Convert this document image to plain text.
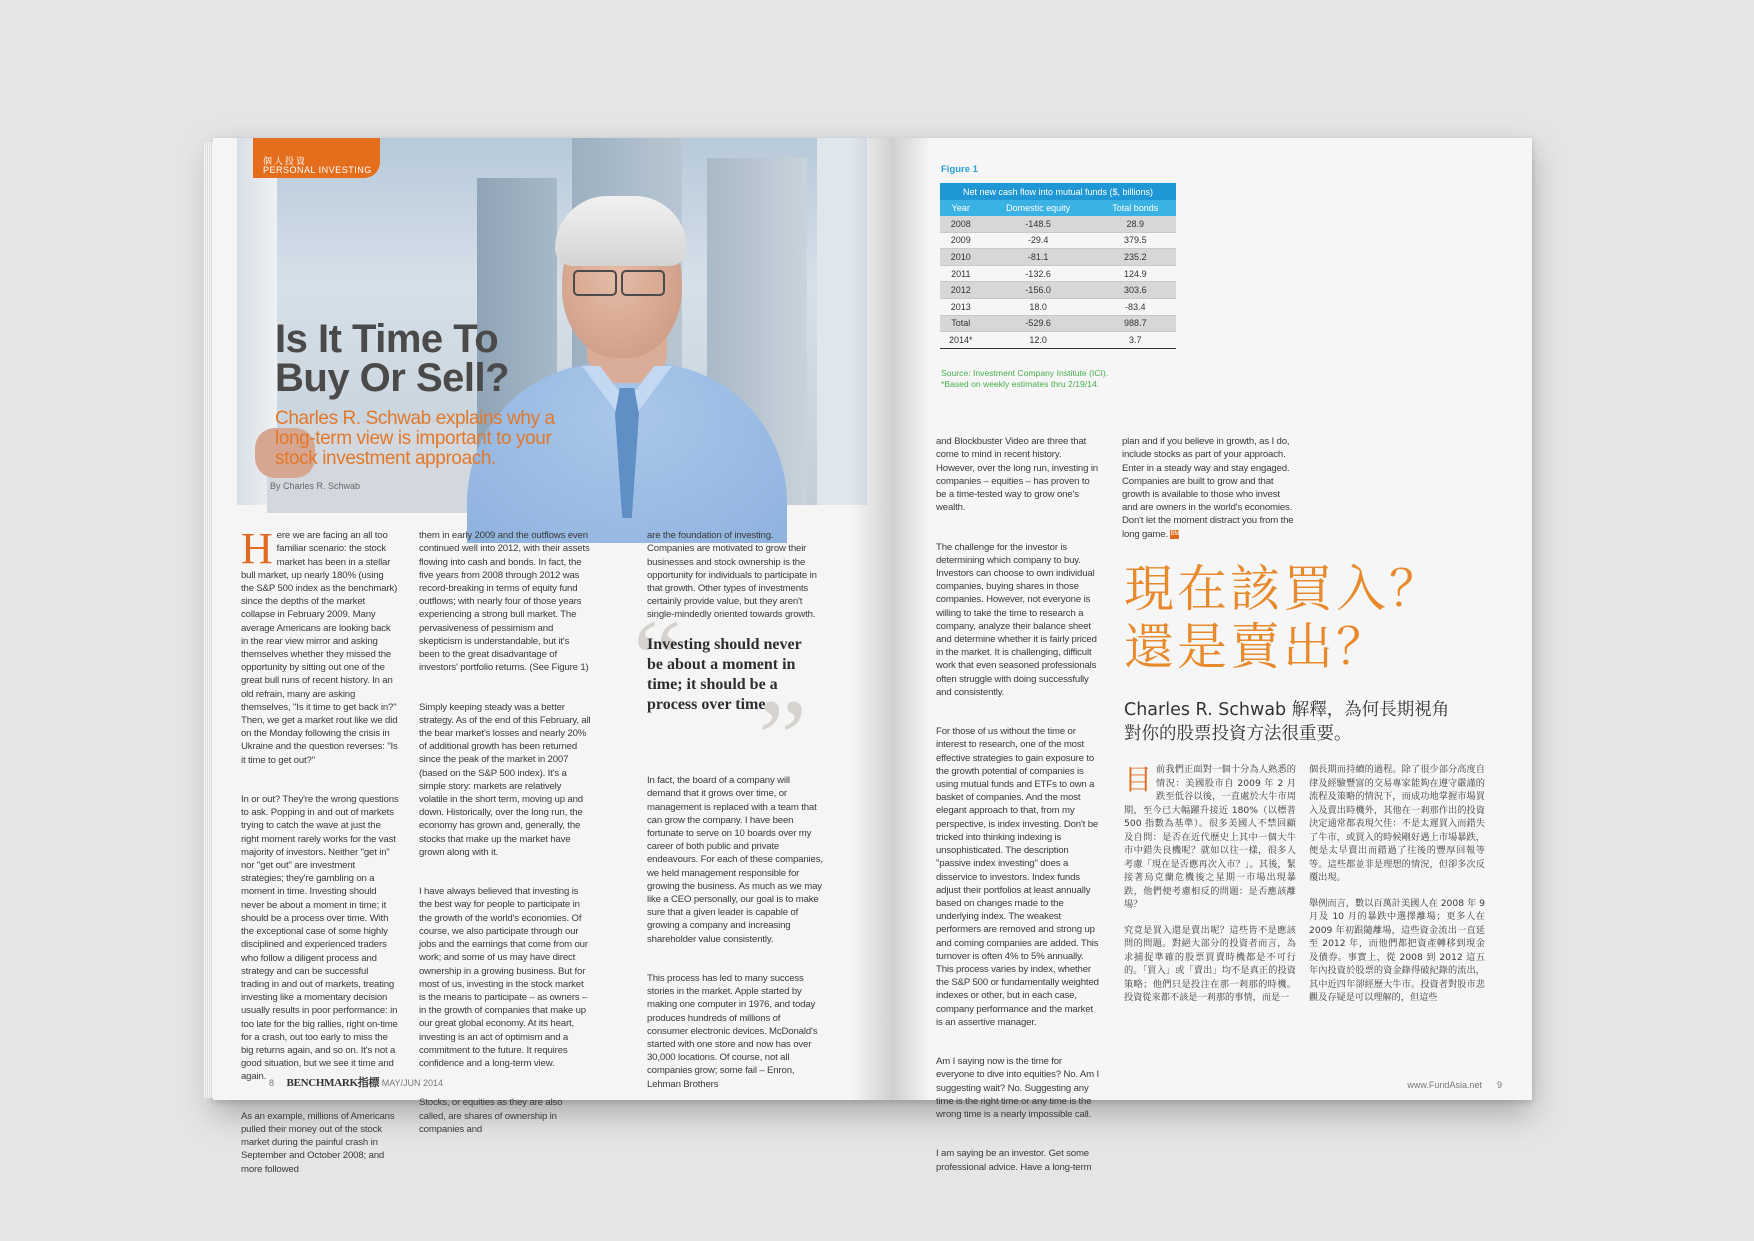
個人投資
PERSONAL INVESTING
Is It Time To
Buy Or Sell?
Charles R. Schwab explains why a long-term view is important to your stock investment approach.
By Charles R. Schwab

Here we are facing an all too familiar scenario: the stock market has been in a stellar bull market, up nearly 180% (using the S&P 500 index as the benchmark) since the depths of the market collapse in February 2009. Many average Americans are looking back in the rear view mirror and asking themselves whether they missed the opportunity by sitting out one of the great bull runs of recent history. In an old refrain, many are asking themselves, "Is it time to get back in?" Then, we get a market rout like we did on the Monday following the crisis in Ukraine and the question reverses: "Is it time to get out?"

In or out? They're the wrong questions to ask. Popping in and out of markets trying to catch the wave at just the right moment rarely works for the vast majority of investors. Neither "get in" nor "get out" are investment strategies; they're gambling on a moment in time. Investing should never be about a moment in time; it should be a process over time. With the exceptional case of some highly disciplined and experienced traders who follow a diligent process and strategy and can be successful trading in and out of markets, treating investing like a momentary decision usually results in poor performance: in too late for the big rallies, right on-time for a crash, out too early to miss the big returns again, and so on. It's not a good situation, but we see it time and again.

As an example, millions of Americans pulled their money out of the stock market during the painful crash in September and October 2008; and more followed

them in early 2009 and the outflows even continued well into 2012, with their assets flowing into cash and bonds. In fact, the five years from 2008 through 2012 was record-breaking in terms of equity fund outflows; with nearly four of those years experiencing a strong bull market. The pervasiveness of pessimism and skepticism is understandable, but it's been to the great disadvantage of investors' portfolio returns. (See Figure 1)

Simply keeping steady was a better strategy. As of the end of this February, all the bear market's losses and nearly 20% of additional growth has been returned since the peak of the market in 2007 (based on the S&P 500 index). It's a simple story: markets are relatively volatile in the short term, moving up and down. Historically, over the long run, the economy has grown and, generally, the stocks that make up the market have grown along with it.

I have always believed that investing is the best way for people to participate in the growth of the world's economies. Of course, we also participate through our jobs and the earnings that come from our work; and some of us may have direct ownership in a growing business. But for most of us, investing in the stock market is the means to participate – as owners – in the growth of companies that make up our great global economy. At its heart, investing is an act of optimism and a commitment to the future. It requires confidence and a long-term view.

Stocks, or equities as they are also called, are shares of ownership in companies and

are the foundation of investing. Companies are motivated to grow their businesses and stock ownership is the opportunity for individuals to participate in that growth. Other types of investments certainly provide value, but they aren't single-mindedly oriented towards growth.

“
Investing should never be about a moment in time; it should be a process over time.
”

In fact, the board of a company will demand that it grows over time, or management is replaced with a team that can grow the company. I have been fortunate to serve on 10 boards over my career of both public and private endeavours. For each of these companies, we held management responsible for growing the business. As much as we may like a CEO personally, our goal is to make sure that a given leader is capable of growing a company and increasing shareholder value consistently.

This process has led to many success stories in the market. Apple started by making one computer in 1976, and today produces hundreds of millions of consumer electronic devices. McDonald's started with one store and now has over 30,000 locations. Of course, not all companies grow; some fail – Enron, Lehman Brothers

8 BENCHMARK指標 MAY/JUN 2014
Figure 1
Net new cash flow into mutual funds ($, billions)		
Year	Domestic equity	Total bonds
2008	-148.5	28.9
2009	-29.4	379.5
2010	-81.1	235.2
2011	-132.6	124.9
2012	-156.0	303.6
2013	18.0	-83.4
Total	-529.6	988.7
2014*	12.0	3.7
Source: Investment Company Institute (ICI).
*Based on weekly estimates thru 2/19/14.

and Blockbuster Video are three that come to mind in recent history. However, over the long run, investing in companies – equities – has proven to be a time-tested way to grow one's wealth.

The challenge for the investor is determining which company to buy. Investors can choose to own individual companies, buying shares in those companies. However, not everyone is willing to take the time to research a company, analyze their balance sheet and determine whether it is fairly priced in the market. It is challenging, difficult work that even seasoned professionals often struggle with doing successfully and consistently.

For those of us without the time or interest to research, one of the most effective strategies to gain exposure to the growth potential of companies is using mutual funds and ETFs to own a basket of companies. And the most elegant approach to that, from my perspective, is index investing. Don't be tricked into thinking indexing is unsophisticated. The description "passive index investing" does a disservice to investors. Index funds adjust their portfolios at least annually based on changes made to the underlying index. The weakest performers are removed and strong up and coming companies are added. This turnover is often 4% to 5% annually. This process varies by index, whether the S&P 500 or fundamentally weighted indexes or other, but in each case, company performance and the market is an assertive manager.

Am I saying now is the time for everyone to dive into equities? No. Am I suggesting wait? No. Suggesting any time is the right time or any time is the wrong time is a nearly impossible call.

I am saying be an investor. Get some professional advice. Have a long-term

plan and if you believe in growth, as I do, include stocks as part of your approach. Enter in a steady way and stay engaged. Companies are built to grow and that growth is available to those who invest and are owners in the world's economies. Don't let the moment distract you from the long game. BM

現在該買入？
還是賣出？
Charles R. Schwab 解釋，為何長期視角對你的股票投資方法很重要。

目前我們正面對一個十分為人熟悉的情況：美國股市自 2009 年 2 月跌至低谷以後，一直處於大牛市周期，至今已大幅躍升接近 180%（以標普 500 指數為基準）。很多美國人不禁回顧及自問：是否在近代歷史上其中一個大牛市中錯失良機呢？就如以往一樣，很多人考慮「現在是否應再次入市？」。其後，緊接著烏克蘭危機後之星期一市場出現暴跌，他們便考慮相反的問題：是否應該離場？

究竟是買入還是賣出呢？這些皆不是應該問的問題。對絕大部分的投資者而言，為求捕捉準確的股票買賣時機都是不可行的。「買入」或「賣出」均不是真正的投資策略；他們只是投注在那一剎那的時機。投資從來都不該是一剎那的事情，而是一

個長期而持續的過程。除了很少部分高度自律及經驗豐富的交易專家能夠在遵守嚴謹的流程及策略的情況下，而成功地掌握市場買入及賣出時機外，其他在一剎那作出的投資決定通常都表現欠佳：不是太遲買入而錯失了牛市，或買入的時候剛好遇上市場暴跌，便是太早賣出而錯過了往後的豐厚回報等等。這些都並非是理想的情況，但卻多次反覆出現。

舉例而言，數以百萬計美國人在 2008 年 9 月及 10 月的暴跌中選擇離場；更多人在 2009 年初跟隨離場，這些資金流出一直延至 2012 年，而他們都把資產轉移到現金及債券。事實上，從 2008 到 2012 這五年內投資於股票的資金錄得破紀錄的流出，其中近四年卻經歷大牛市。投資者對股市悲觀及存疑是可以理解的，但這些

www.FundAsia.net 9
